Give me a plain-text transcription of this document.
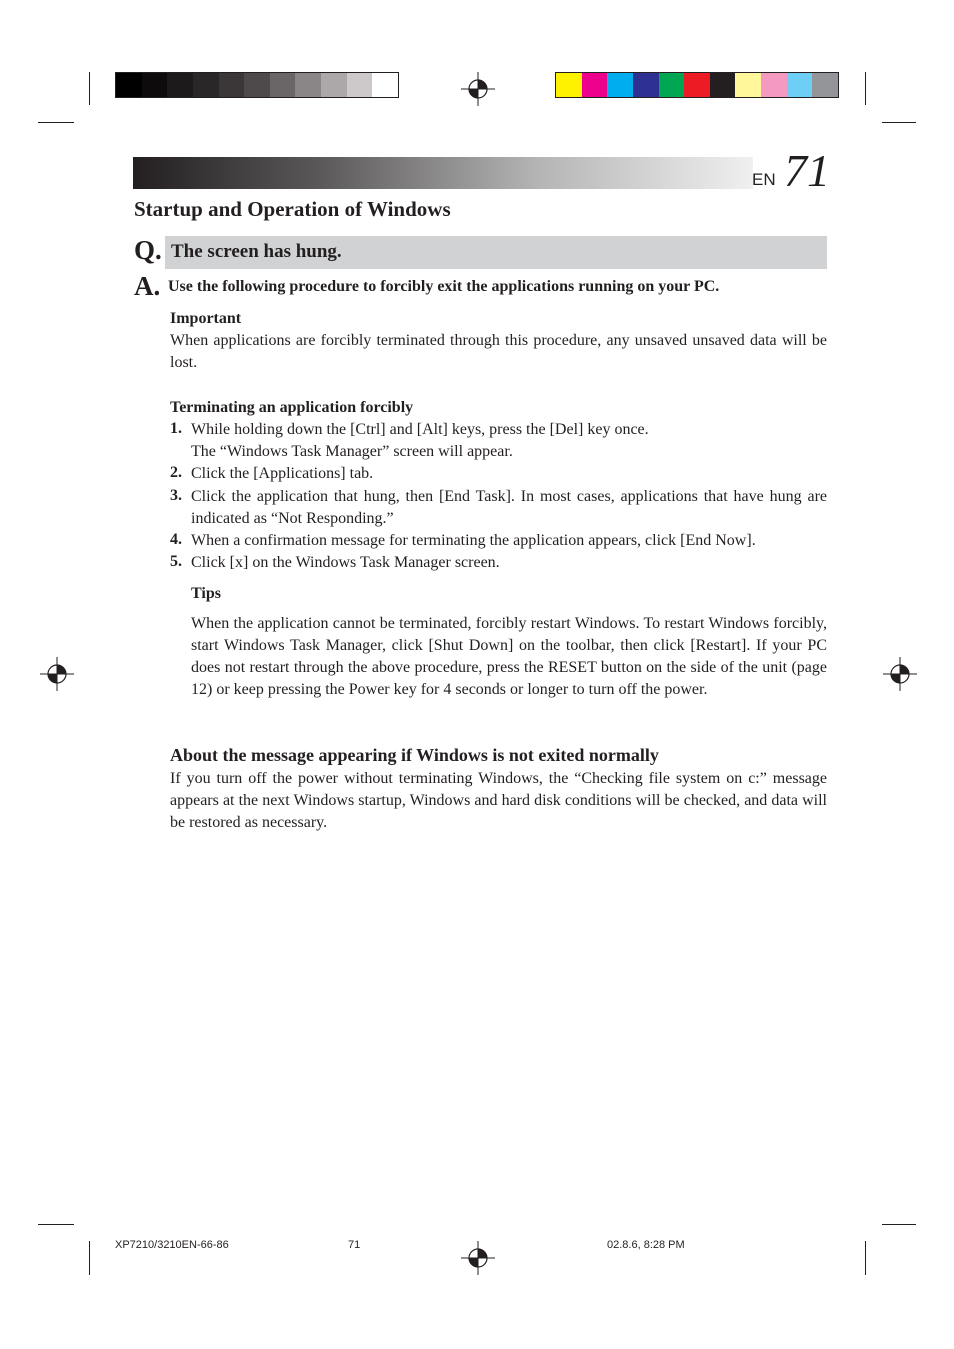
EN 71
Startup and Operation of Windows
Q. The screen has hung.
A. Use the following procedure to forcibly exit the applications running on your PC.
Important
When applications are forcibly terminated through this procedure, any unsaved unsaved data will be lost.
Terminating an application forcibly
1. While holding down the [Ctrl] and [Alt] keys, press the [Del] key once.
The “Windows Task Manager” screen will appear.
2. Click the [Applications] tab.
3. Click the application that hung, then [End Task]. In most cases, applications that have hung are indicated as “Not Responding.”
4. When a confirmation message for terminating the application appears, click [End Now].
5. Click [x] on the Windows Task Manager screen.
Tips
When the application cannot be terminated, forcibly restart Windows. To restart Windows forcibly, start Windows Task Manager, click [Shut Down] on the toolbar, then click [Restart]. If your PC does not restart through the above procedure, press the RESET button on the side of the unit (page 12) or keep pressing the Power key for 4 seconds or longer to turn off the power.
About the message appearing if Windows is not exited normally
If you turn off the power without terminating Windows, the “Checking file system on c:” message appears at the next Windows startup, Windows and hard disk conditions will be checked, and data will be restored as necessary.
XP7210/3210EN-66-86	71	02.8.6, 8:28 PM
